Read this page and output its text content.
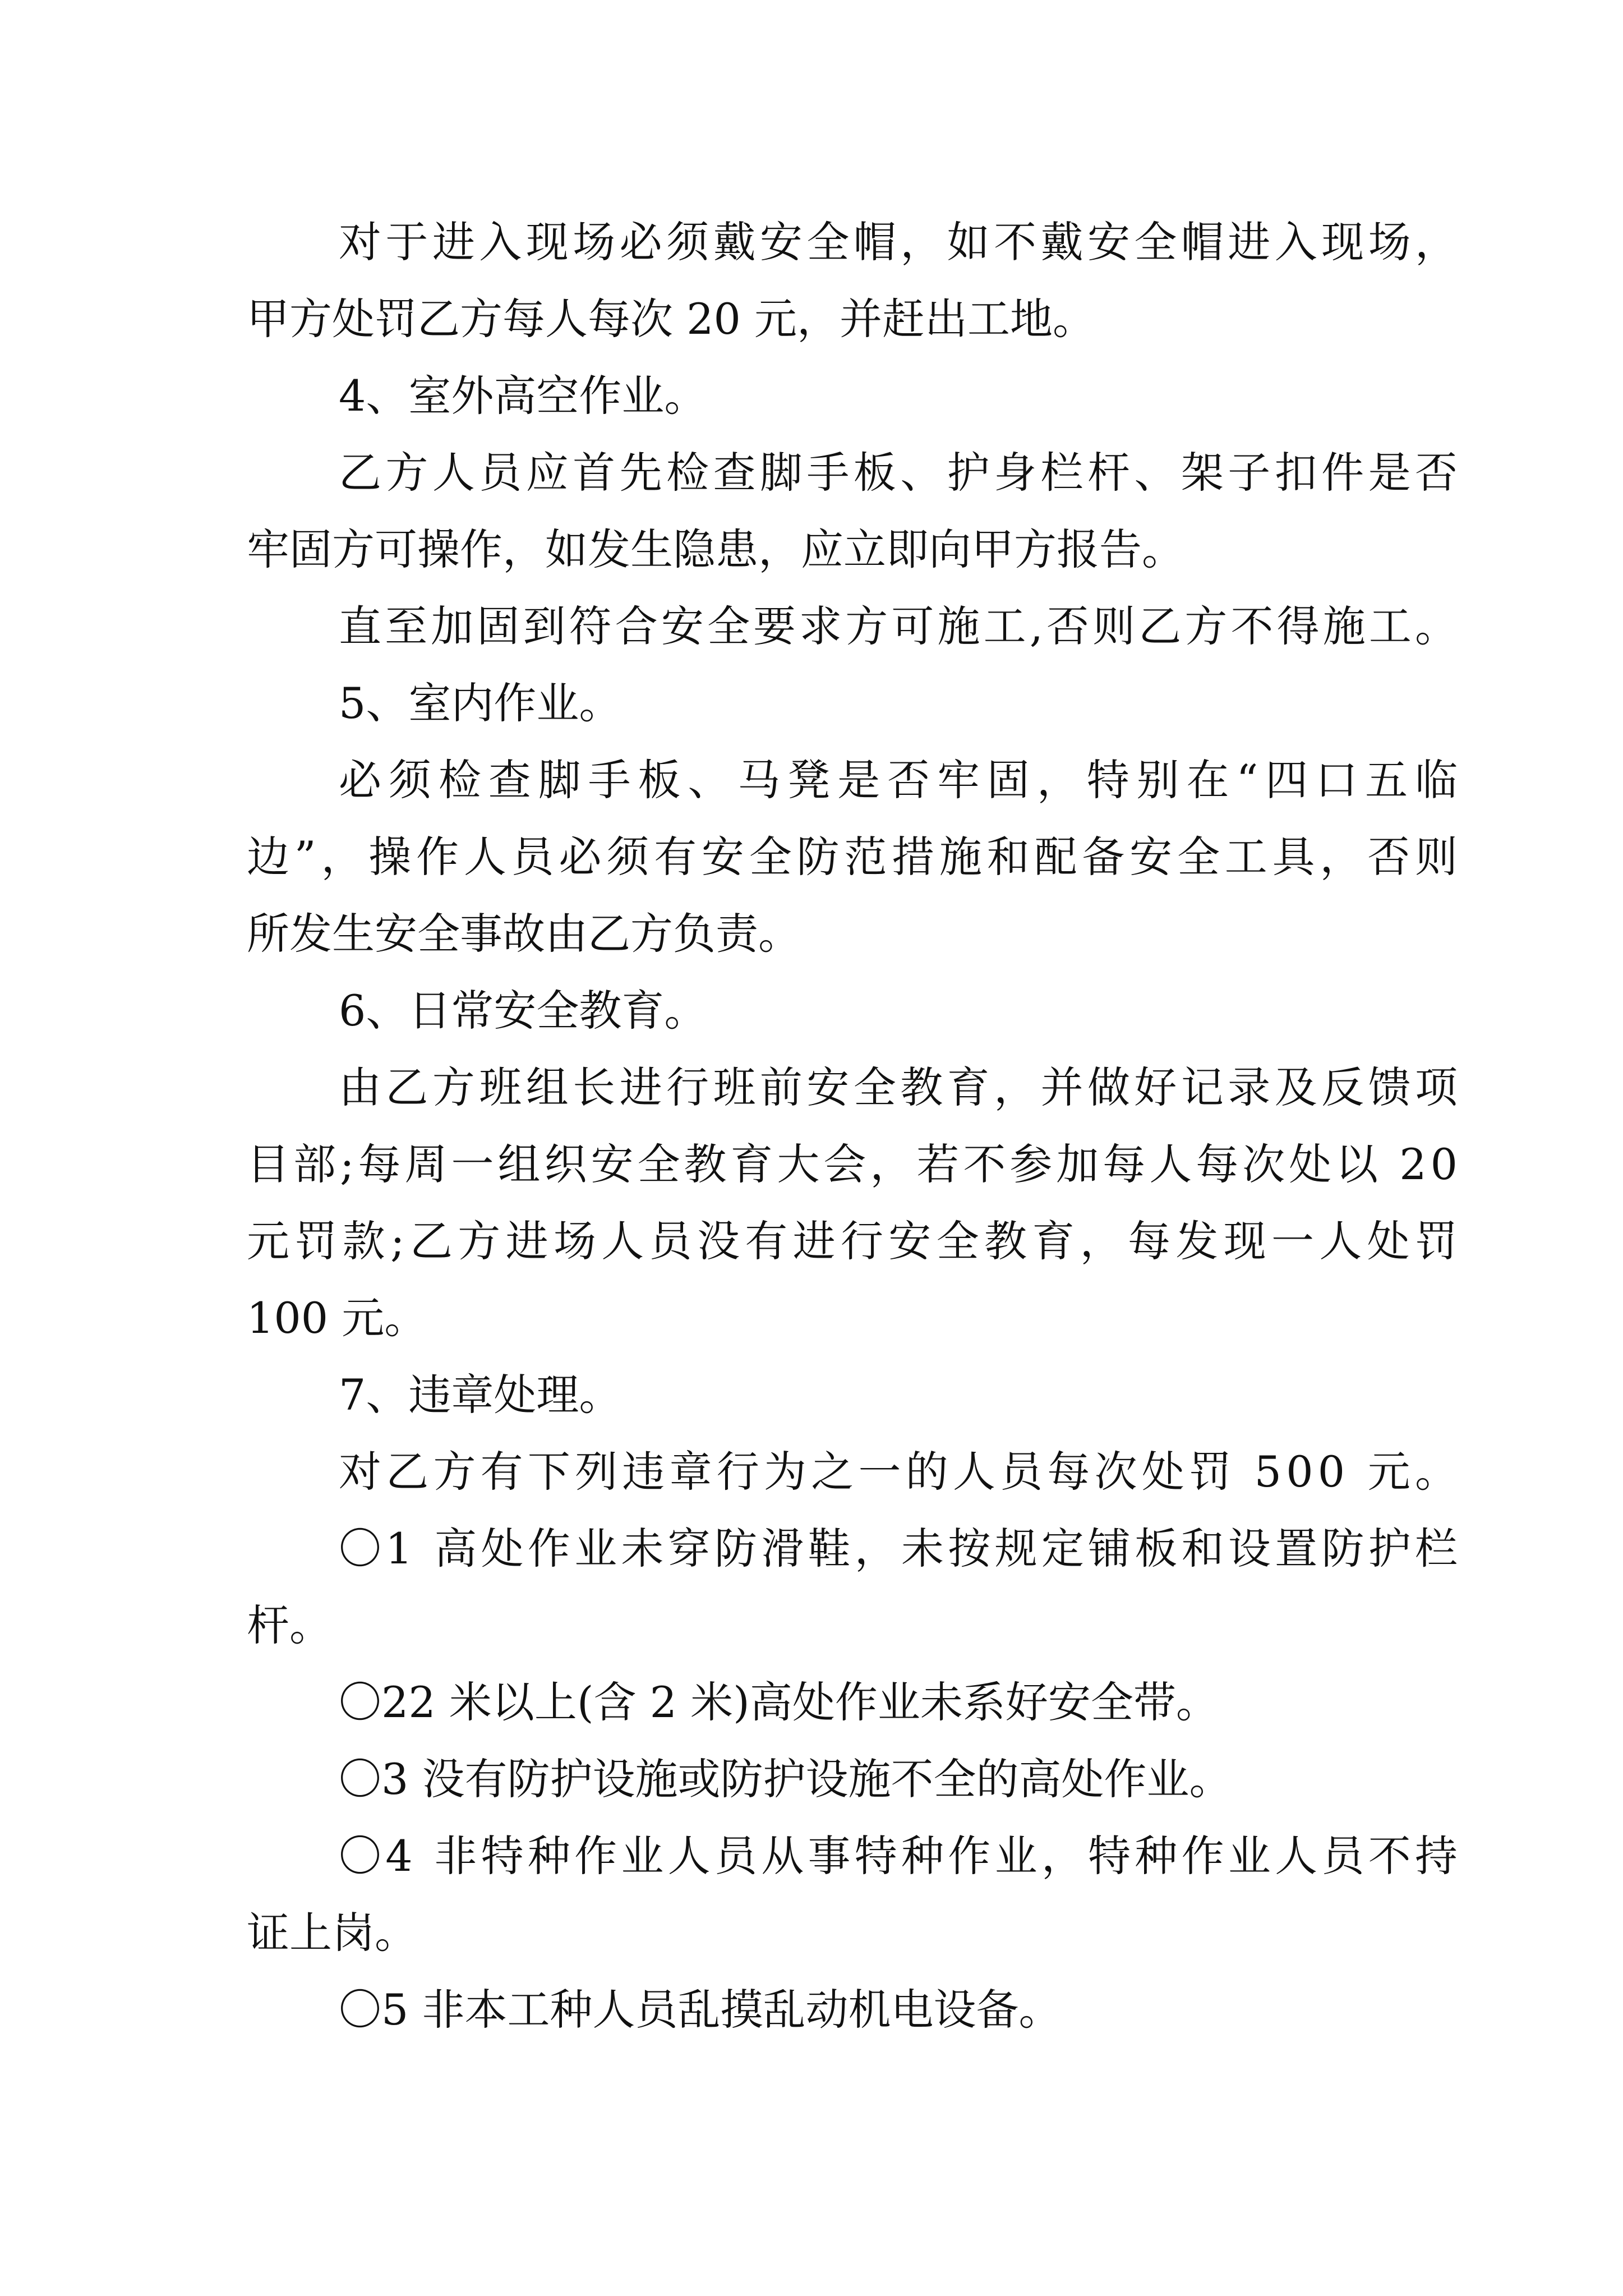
对于进入现场必须戴安全帽，如不戴安全帽进入现场，
甲方处罚乙方每人每次 20 元，并赶出工地。
4、室外高空作业。
乙方人员应首先检查脚手板、护身栏杆、架子扣件是否
牢固方可操作，如发生隐患，应立即向甲方报告。
直至加固到符合安全要求方可施工,否则乙方不得施工。
5、室内作业。
必须检查脚手板、马凳是否牢固，特别在“四口五临
边”，操作人员必须有安全防范措施和配备安全工具，否则
所发生安全事故由乙方负责。
6、日常安全教育。
由乙方班组长进行班前安全教育，并做好记录及反馈项
目部;每周一组织安全教育大会，若不参加每人每次处以 20
元罚款;乙方进场人员没有进行安全教育，每发现一人处罚
100 元。
7、违章处理。
对乙方有下列违章行为之一的人员每次处罚 500 元。
〇1 高处作业未穿防滑鞋，未按规定铺板和设置防护栏
杆。
〇22 米以上(含 2 米)高处作业未系好安全带。
〇3 没有防护设施或防护设施不全的高处作业。
〇4 非特种作业人员从事特种作业，特种作业人员不持
证上岗。
〇5 非本工种人员乱摸乱动机电设备。
